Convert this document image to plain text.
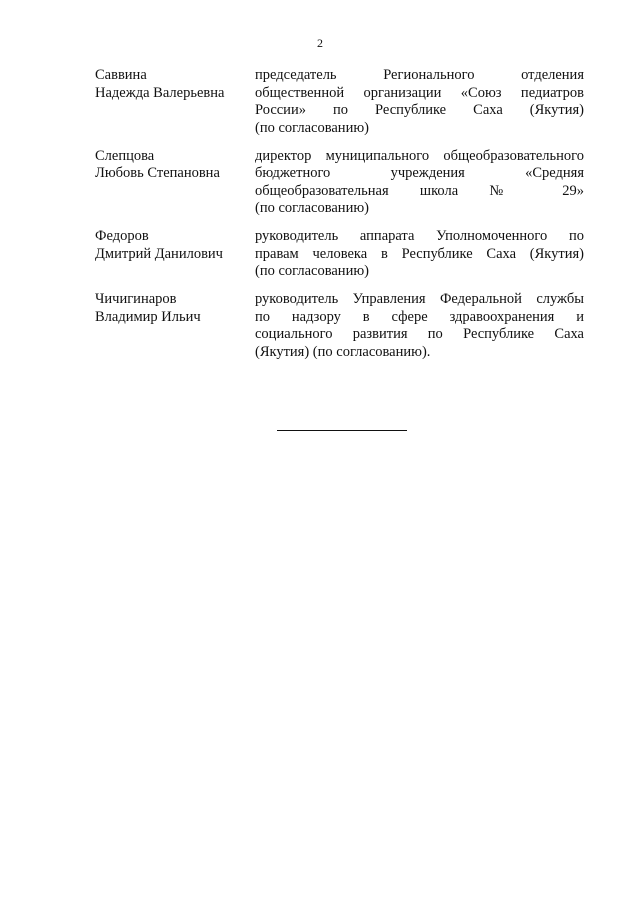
2
Саввина
Надежда Валерьевна
председатель Регионального отделения
общественной организации «Союз педиатров
России» по Республике Саха (Якутия)
(по согласованию)
Слепцова
Любовь Степановна
директор муниципального общеобразовательного
бюджетного учреждения «Средняя
общеобразовательная школа № 29»
(по согласованию)
Федоров
Дмитрий Данилович
руководитель аппарата Уполномоченного по
правам человека в Республике Саха (Якутия)
(по согласованию)
Чичигинаров
Владимир Ильич
руководитель Управления Федеральной службы
по надзору в сфере здравоохранения и
социального развития по Республике Саха
(Якутия) (по согласованию).
